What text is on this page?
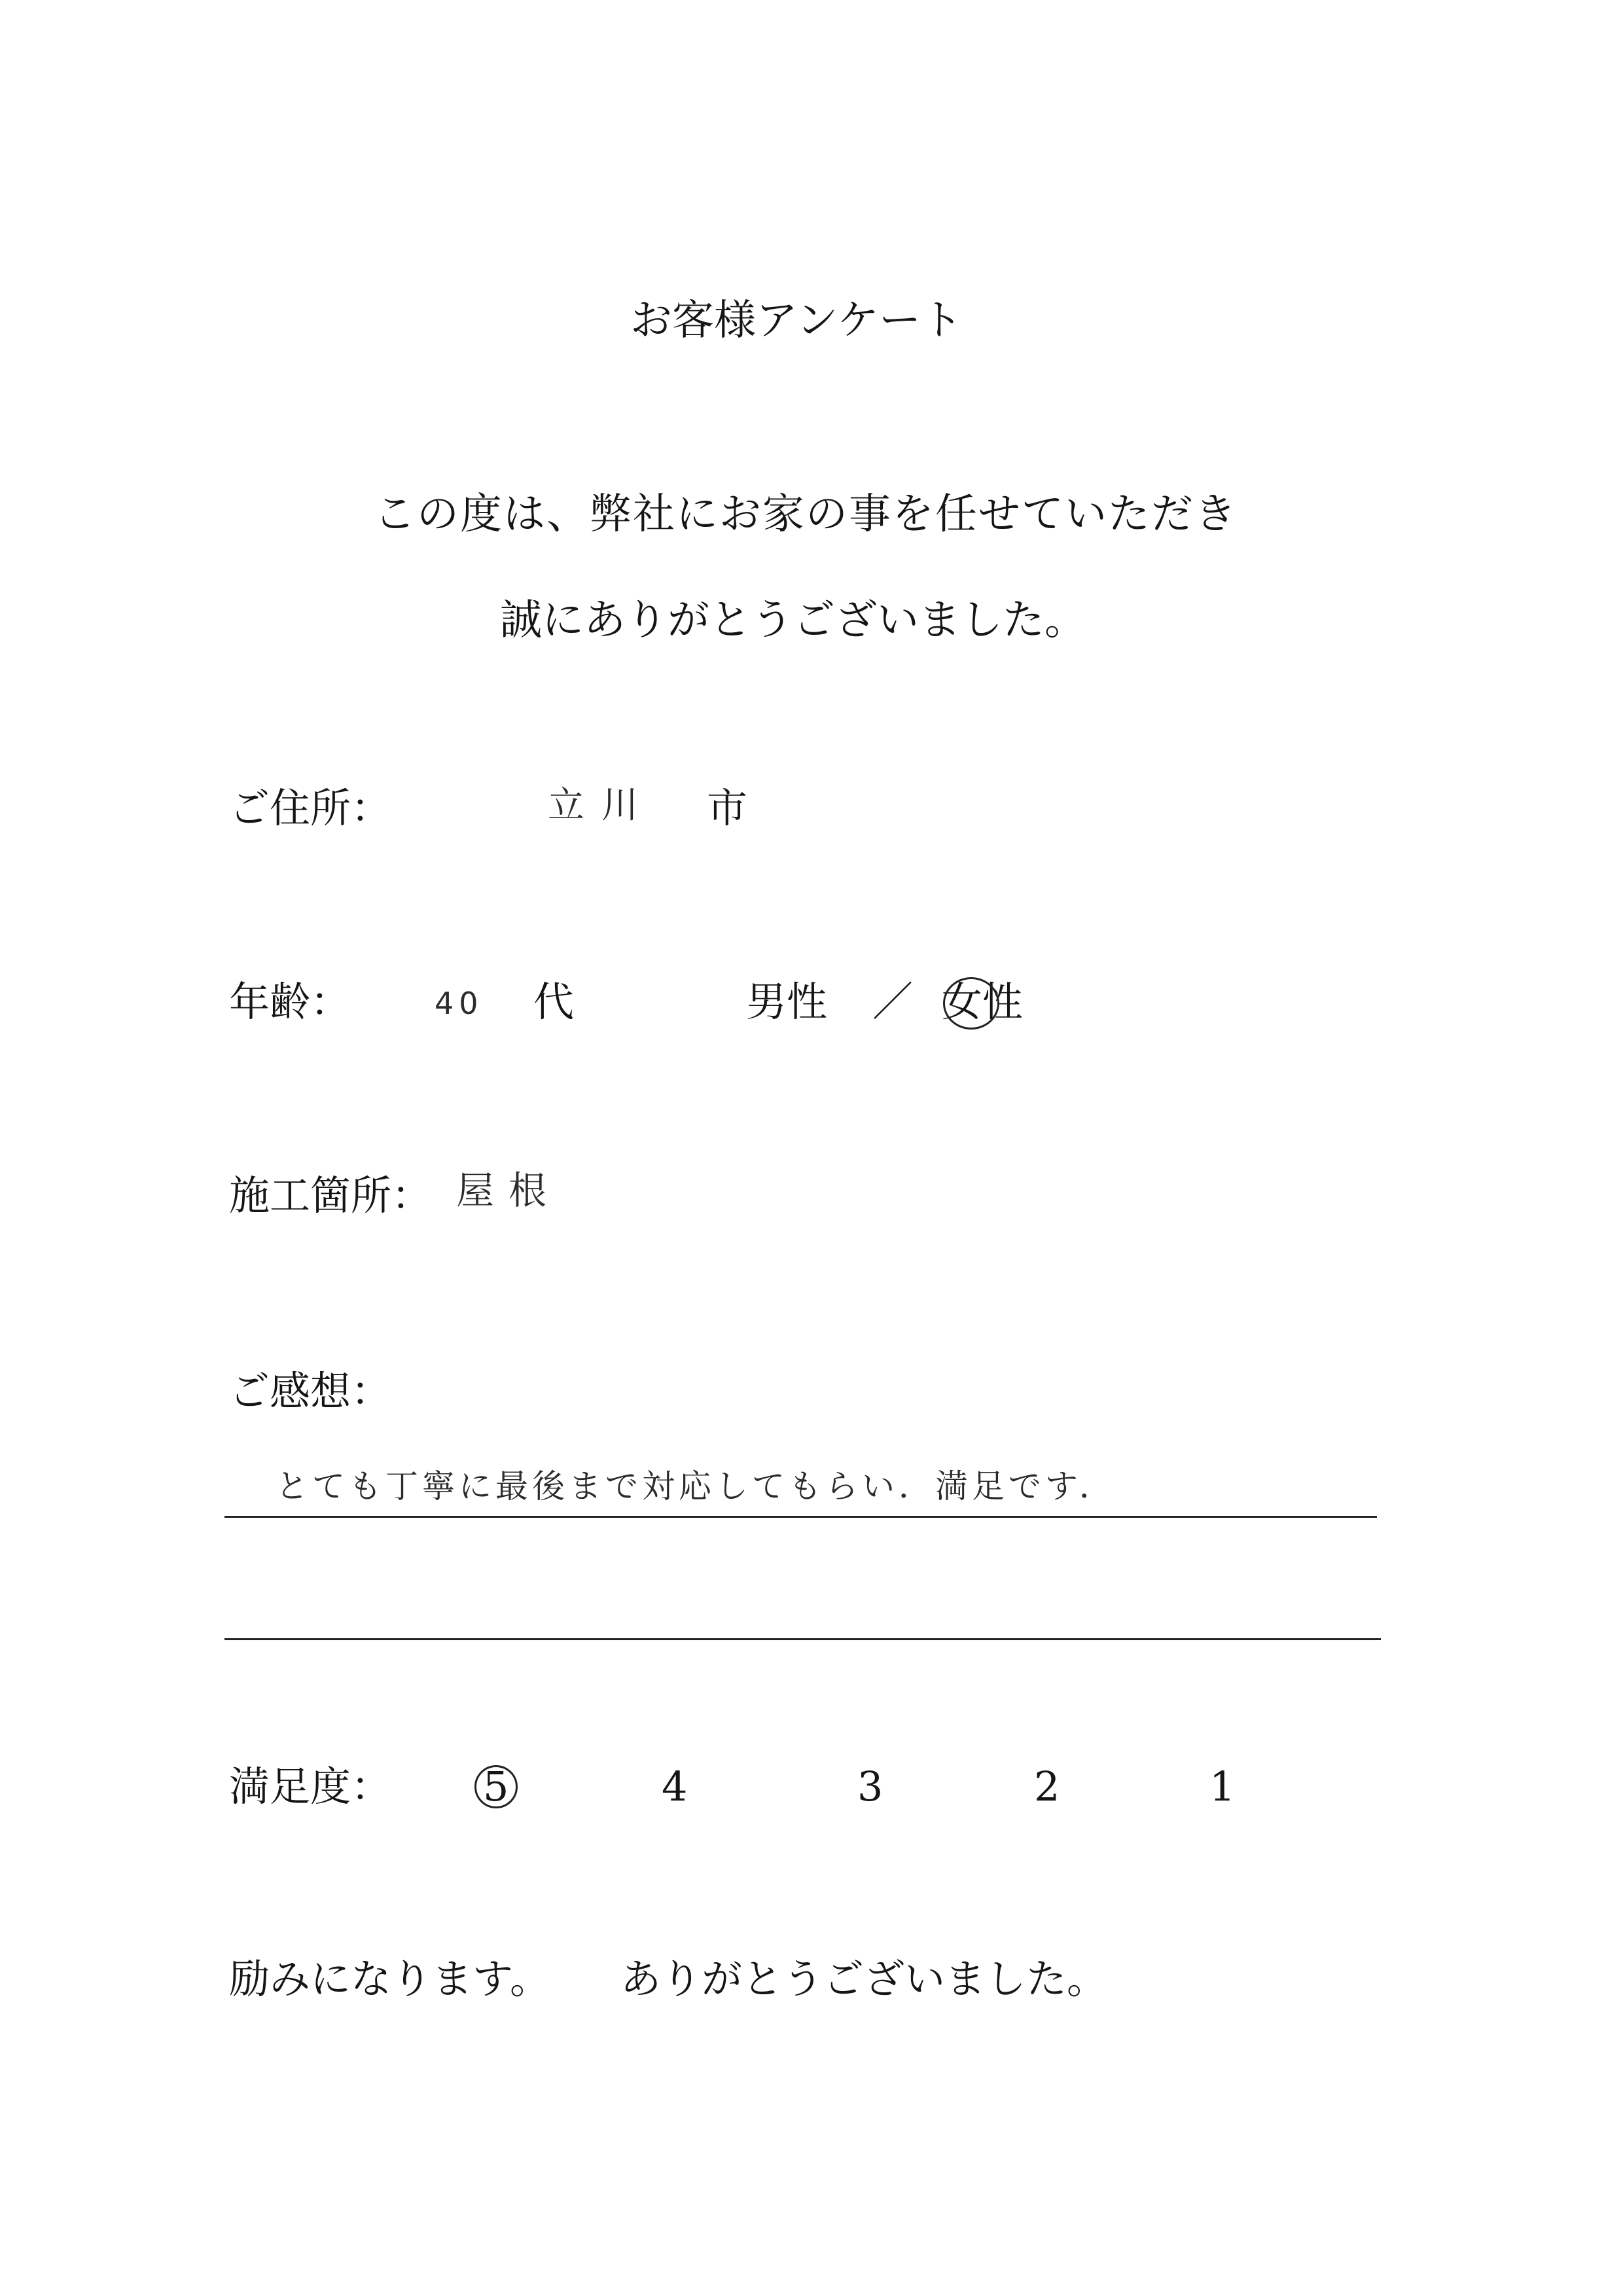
お客様アンケート
この度は、弊社にお家の事を任せていただき
誠にありがとうございました。
ご住所：	立川 市
年齢：	40 代	男性 ／ 女性
施工箇所： 屋根
ご感想：
とても丁寧に最後まで対応してもらい．満足です．
満足度： 5	4	3	2	1
励みになります。 ありがとうございました。
